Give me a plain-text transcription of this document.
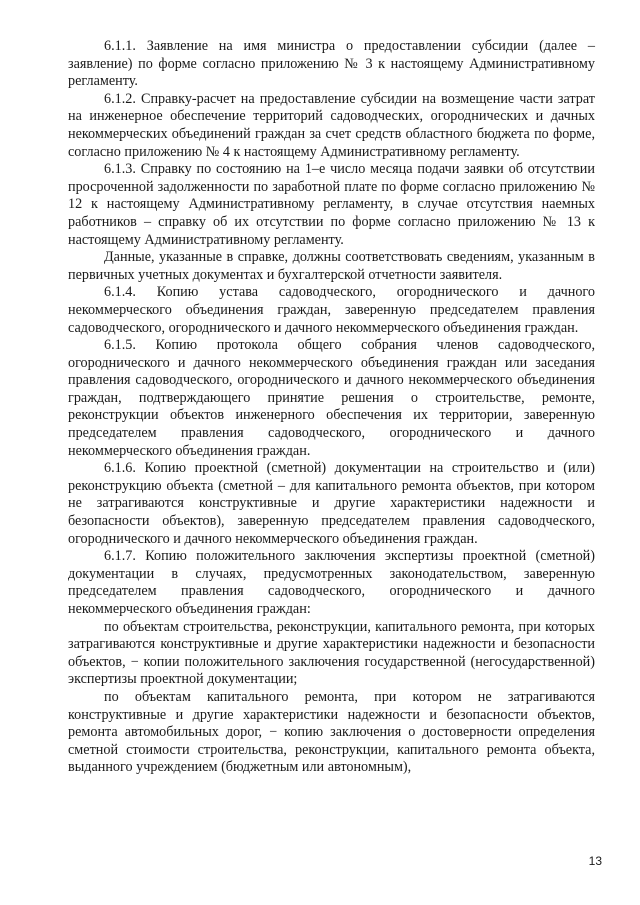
6.1.1. Заявление на имя министра о предоставлении субсидии (далее – заявление) по форме согласно приложению № 3 к настоящему Административному регламенту.

6.1.2. Справку-расчет на предоставление субсидии на возмещение части затрат на инженерное обеспечение территорий садоводческих, огороднических и дачных некоммерческих объединений граждан за счет средств областного бюджета по форме, согласно приложению № 4 к настоящему Административному регламенту.

6.1.3. Справку по состоянию на 1–е число месяца подачи заявки об отсутствии просроченной задолженности по заработной плате по форме согласно приложению № 12 к настоящему Административному регламенту, в случае отсутствия наемных работников – справку об их отсутствии по форме согласно приложению № 13 к настоящему Административному регламенту.

Данные, указанные в справке, должны соответствовать сведениям, указанным в первичных учетных документах и бухгалтерской отчетности заявителя.

6.1.4. Копию устава садоводческого, огороднического и дачного некоммерческого объединения граждан, заверенную председателем правления садоводческого, огороднического и дачного некоммерческого объединения граждан.

6.1.5. Копию протокола общего собрания членов садоводческого, огороднического и дачного некоммерческого объединения граждан или заседания правления садоводческого, огороднического и дачного некоммерческого объединения граждан, подтверждающего принятие решения о строительстве, ремонте, реконструкции объектов инженерного обеспечения их территории, заверенную председателем правления садоводческого, огороднического и дачного некоммерческого объединения граждан.

6.1.6. Копию проектной (сметной) документации на строительство и (или) реконструкцию объекта (сметной – для капитального ремонта объектов, при котором не затрагиваются конструктивные и другие характеристики надежности и безопасности объектов), заверенную председателем правления садоводческого, огороднического и дачного некоммерческого объединения граждан.

6.1.7. Копию положительного заключения экспертизы проектной (сметной) документации в случаях, предусмотренных законодательством, заверенную председателем правления садоводческого, огороднического и дачного некоммерческого объединения граждан:

по объектам строительства, реконструкции, капитального ремонта, при которых затрагиваются конструктивные и другие характеристики надежности и безопасности объектов, − копии положительного заключения государственной (негосударственной) экспертизы проектной документации;

по объектам капитального ремонта, при котором не затрагиваются конструктивные и другие характеристики надежности и безопасности объектов, ремонта автомобильных дорог, − копию заключения о достоверности определения сметной стоимости строительства, реконструкции, капитального ремонта объекта, выданного учреждением (бюджетным или автономным),

13
